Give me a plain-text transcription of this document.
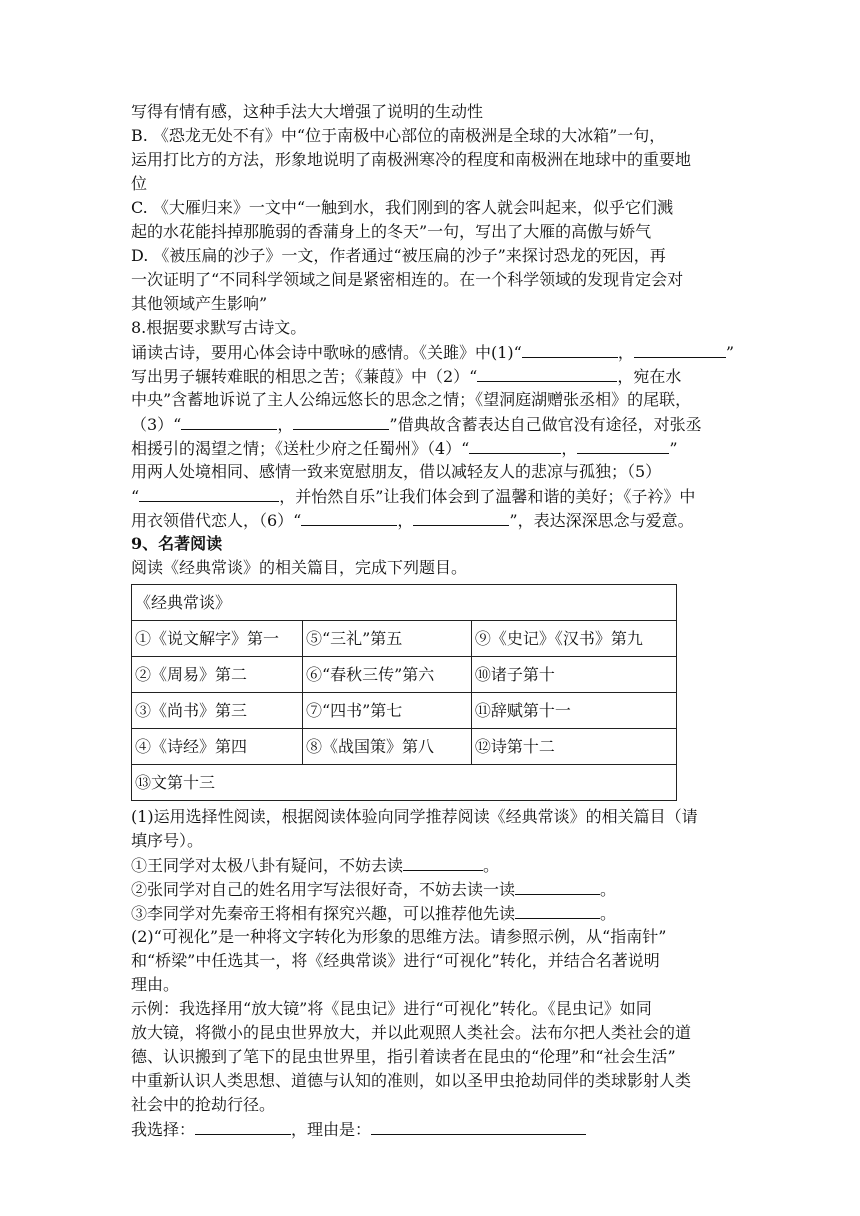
写得有情有感，这种手法大大增强了说明的生动性
B. 《恐龙无处不有》中“位于南极中心部位的南极洲是全球的大冰箱”一句，
运用打比方的方法，形象地说明了南极洲寒冷的程度和南极洲在地球中的重要地
位
C. 《大雁归来》一文中“一触到水，我们刚到的客人就会叫起来，似乎它们溅
起的水花能抖掉那脆弱的香蒲身上的冬天”一句，写出了大雁的高傲与娇气
D. 《被压扁的沙子》一文，作者通过“被压扁的沙子”来探讨恐龙的死因，再
一次证明了“不同科学领域之间是紧密相连的。在一个科学领域的发现肯定会对
其他领域产生影响”
8.根据要求默写古诗文。
诵读古诗，要用心体会诗中歌咏的感情。《关雎》中(1)“	，	”
写出男子辗转难眠的相思之苦；《蒹葭》中（2）“	，宛在水
中央”含蓄地诉说了主人公绵远悠长的思念之情；《望洞庭湖赠张丞相》的尾联，
（3）“	，	”借典故含蓄表达自己做官没有途径，对张丞
相援引的渴望之情；《送杜少府之任蜀州》（4）“	，	”
用两人处境相同、感情一致来宽慰朋友，借以减轻友人的悲凉与孤独；（5）
“	，并怡然自乐”让我们体会到了温馨和谐的美好；《子衿》中
用衣领借代恋人，（6）“	，	”，表达深深思念与爱意。
9、名著阅读
阅读《经典常谈》的相关篇目，完成下列题目。
《经典常谈》		
①《说文解字》第一	⑤“三礼”第五	⑨《史记》《汉书》第九
②《周易》第二	⑥“春秋三传”第六	⑩诸子第十
③《尚书》第三	⑦“四书”第七	⑪辞赋第十一
④《诗经》第四	⑧《战国策》第八	⑫诗第十二
⑬文第十三		
(1)运用选择性阅读，根据阅读体验向同学推荐阅读《经典常谈》的相关篇目（请
填序号）。
①王同学对太极八卦有疑问，不妨去读	。
②张同学对自己的姓名用字写法很好奇，不妨去读一读	。
③李同学对先秦帝王将相有探究兴趣，可以推荐他先读	。
(2)“可视化”是一种将文字转化为形象的思维方法。请参照示例，从“指南针”
和“桥梁”中任选其一，将《经典常谈》进行“可视化”转化，并结合名著说明
理由。
示例：我选择用“放大镜”将《昆虫记》进行“可视化”转化。《昆虫记》如同
放大镜，将微小的昆虫世界放大，并以此观照人类社会。法布尔把人类社会的道
德、认识搬到了笔下的昆虫世界里，指引着读者在昆虫的“伦理”和“社会生活”
中重新认识人类思想、道德与认知的准则，如以圣甲虫抢劫同伴的类球影射人类
社会中的抢劫行径。
我选择：	，理由是：
